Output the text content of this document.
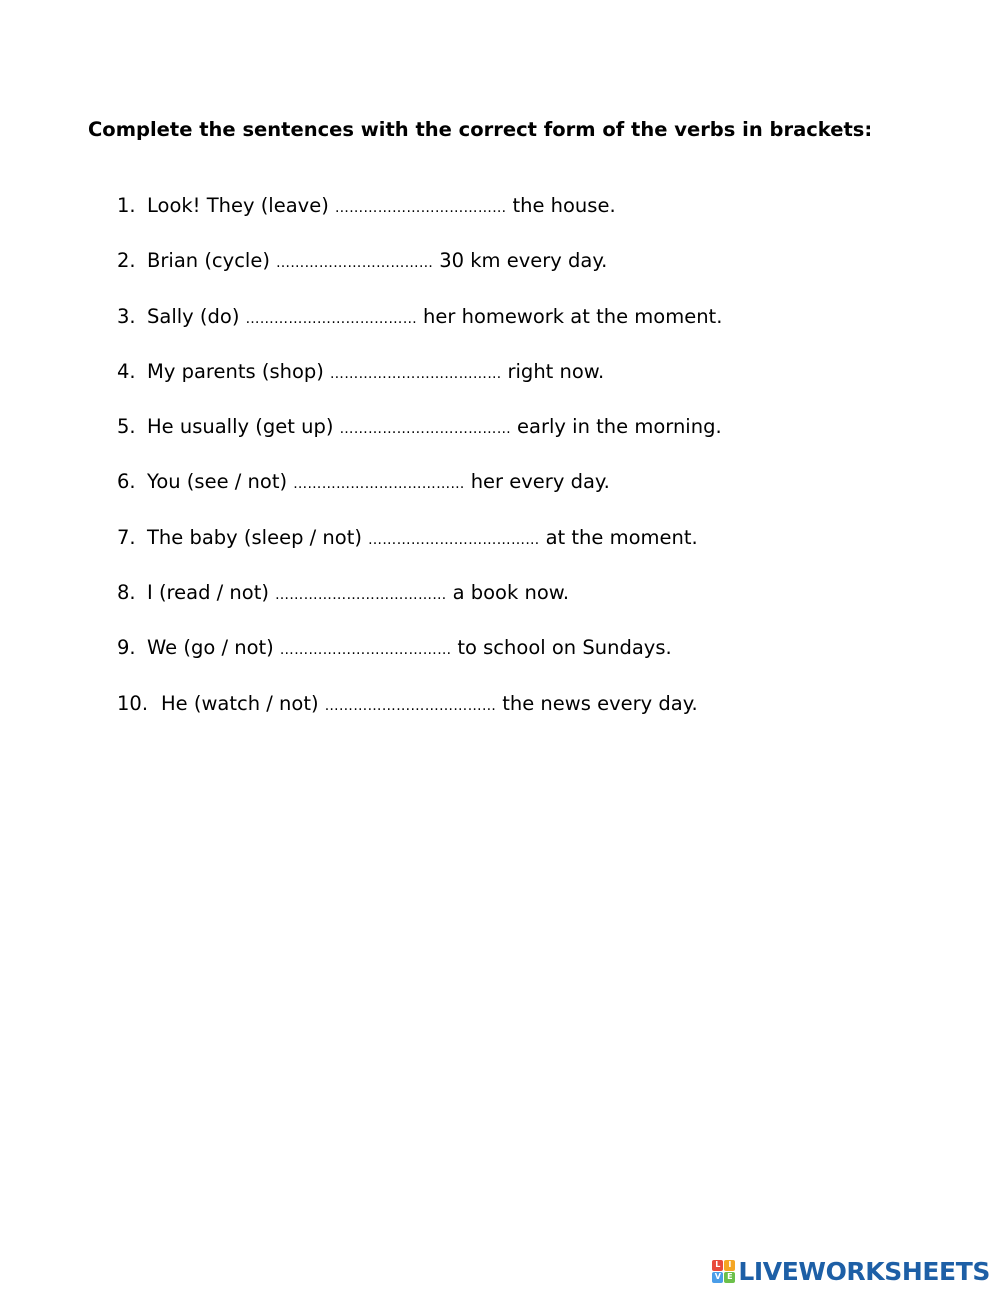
Complete the sentences with the correct form of the verbs in brackets:
1. Look! They (leave) ……………………………… the house.
2. Brian (cycle) …………………………… 30 km every day.
3. Sally (do) ……………………………… her homework at the moment.
4. My parents (shop) ……………………………… right now.
5. He usually (get up) ……………………………… early in the morning.
6. You (see / not) ……………………………… her every day.
7. The baby (sleep / not) ……………………………… at the moment.
8. I (read / not) ……………………………… a book now.
9. We (go / not) ……………………………… to school on Sundays.
10. He (watch / not) ……………………………… the news every day.
L I
V E LIVEWORKSHEETS
